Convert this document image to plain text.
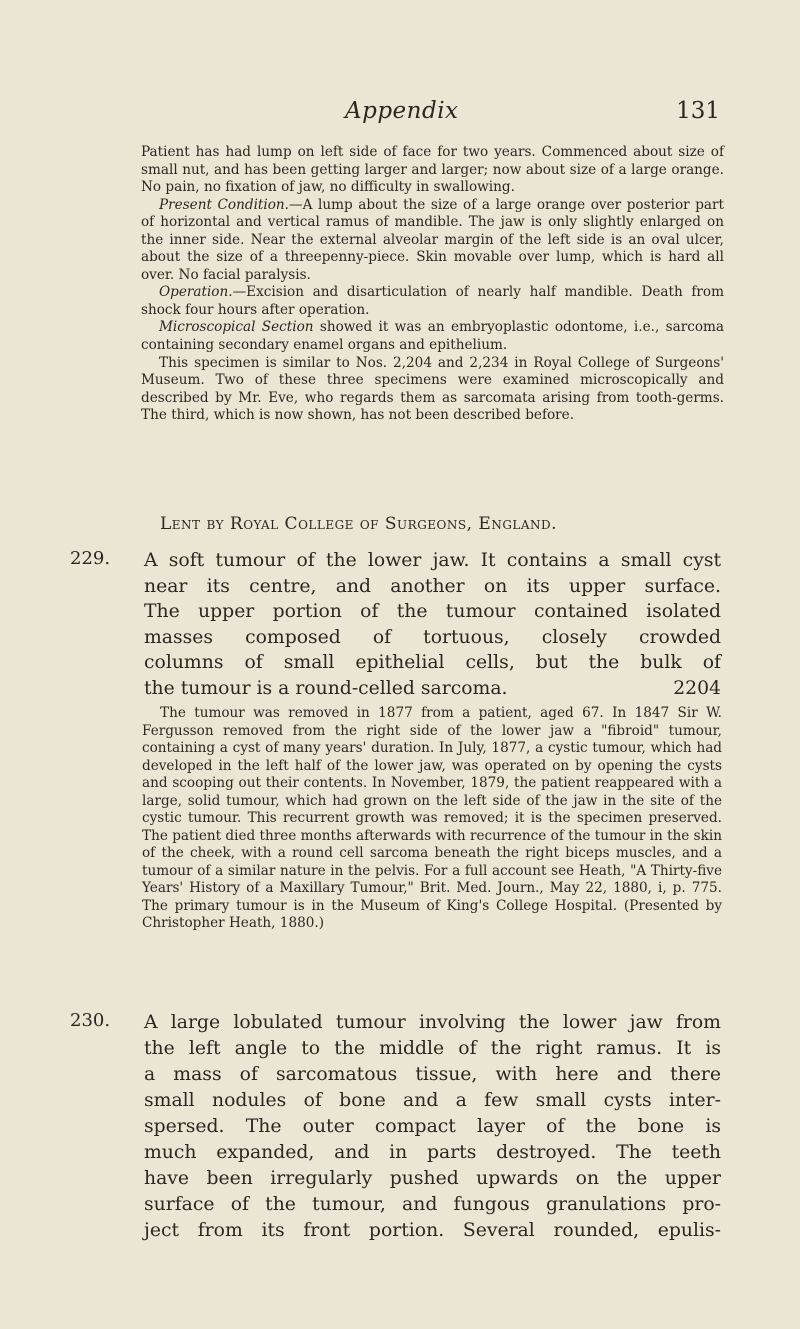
Appendix	131

Patient has had lump on left side of face for two years. Commenced about size of small nut, and has been getting larger and larger; now about size of a large orange. No pain, no fixation of jaw, no difficulty in swallowing.

Present Condition.—A lump about the size of a large orange over posterior part of horizontal and vertical ramus of mandible. The jaw is only slightly enlarged on the inner side. Near the external alveolar margin of the left side is an oval ulcer, about the size of a threepenny-piece. Skin movable over lump, which is hard all over. No facial paralysis.

Operation.—Excision and disarticulation of nearly half mandible. Death from shock four hours after operation.

Microscopical Section showed it was an embryoplastic odontome, i.e., sarcoma containing secondary enamel organs and epithelium.

This specimen is similar to Nos. 2,204 and 2,234 in Royal College of Surgeons' Museum. Two of these three specimens were examined microscopically and described by Mr. Eve, who regards them as sarcomata arising from tooth-germs. The third, which is now shown, has not been described before.

Lent by Royal College of Surgeons, England.

229. A soft tumour of the lower jaw. It contains a small cyst
near its centre, and another on its upper surface.
The upper portion of the tumour contained isolated
masses composed of tortuous, closely crowded
columns of small epithelial cells, but the bulk of
the tumour is a round-celled sarcoma.	2204

The tumour was removed in 1877 from a patient, aged 67. In 1847 Sir W. Fergusson removed from the right side of the lower jaw a "fibroid" tumour, containing a cyst of many years' duration. In July, 1877, a cystic tumour, which had developed in the left half of the lower jaw, was operated on by opening the cysts and scooping out their contents. In November, 1879, the patient reappeared with a large, solid tumour, which had grown on the left side of the jaw in the site of the cystic tumour. This recurrent growth was removed; it is the specimen preserved. The patient died three months afterwards with recurrence of the tumour in the skin of the cheek, with a round cell sarcoma beneath the right biceps muscles, and a tumour of a similar nature in the pelvis. For a full account see Heath, "A Thirty-five Years' History of a Maxillary Tumour," Brit. Med. Journ., May 22, 1880, i, p. 775. The primary tumour is in the Museum of King's College Hospital. (Presented by Christopher Heath, 1880.)

230. A large lobulated tumour involving the lower jaw from
the left angle to the middle of the right ramus. It is
a mass of sarcomatous tissue, with here and there
small nodules of bone and a few small cysts inter-
spersed. The outer compact layer of the bone is
much expanded, and in parts destroyed. The teeth
have been irregularly pushed upwards on the upper
surface of the tumour, and fungous granulations pro-
ject from its front portion. Several rounded, epulis-
